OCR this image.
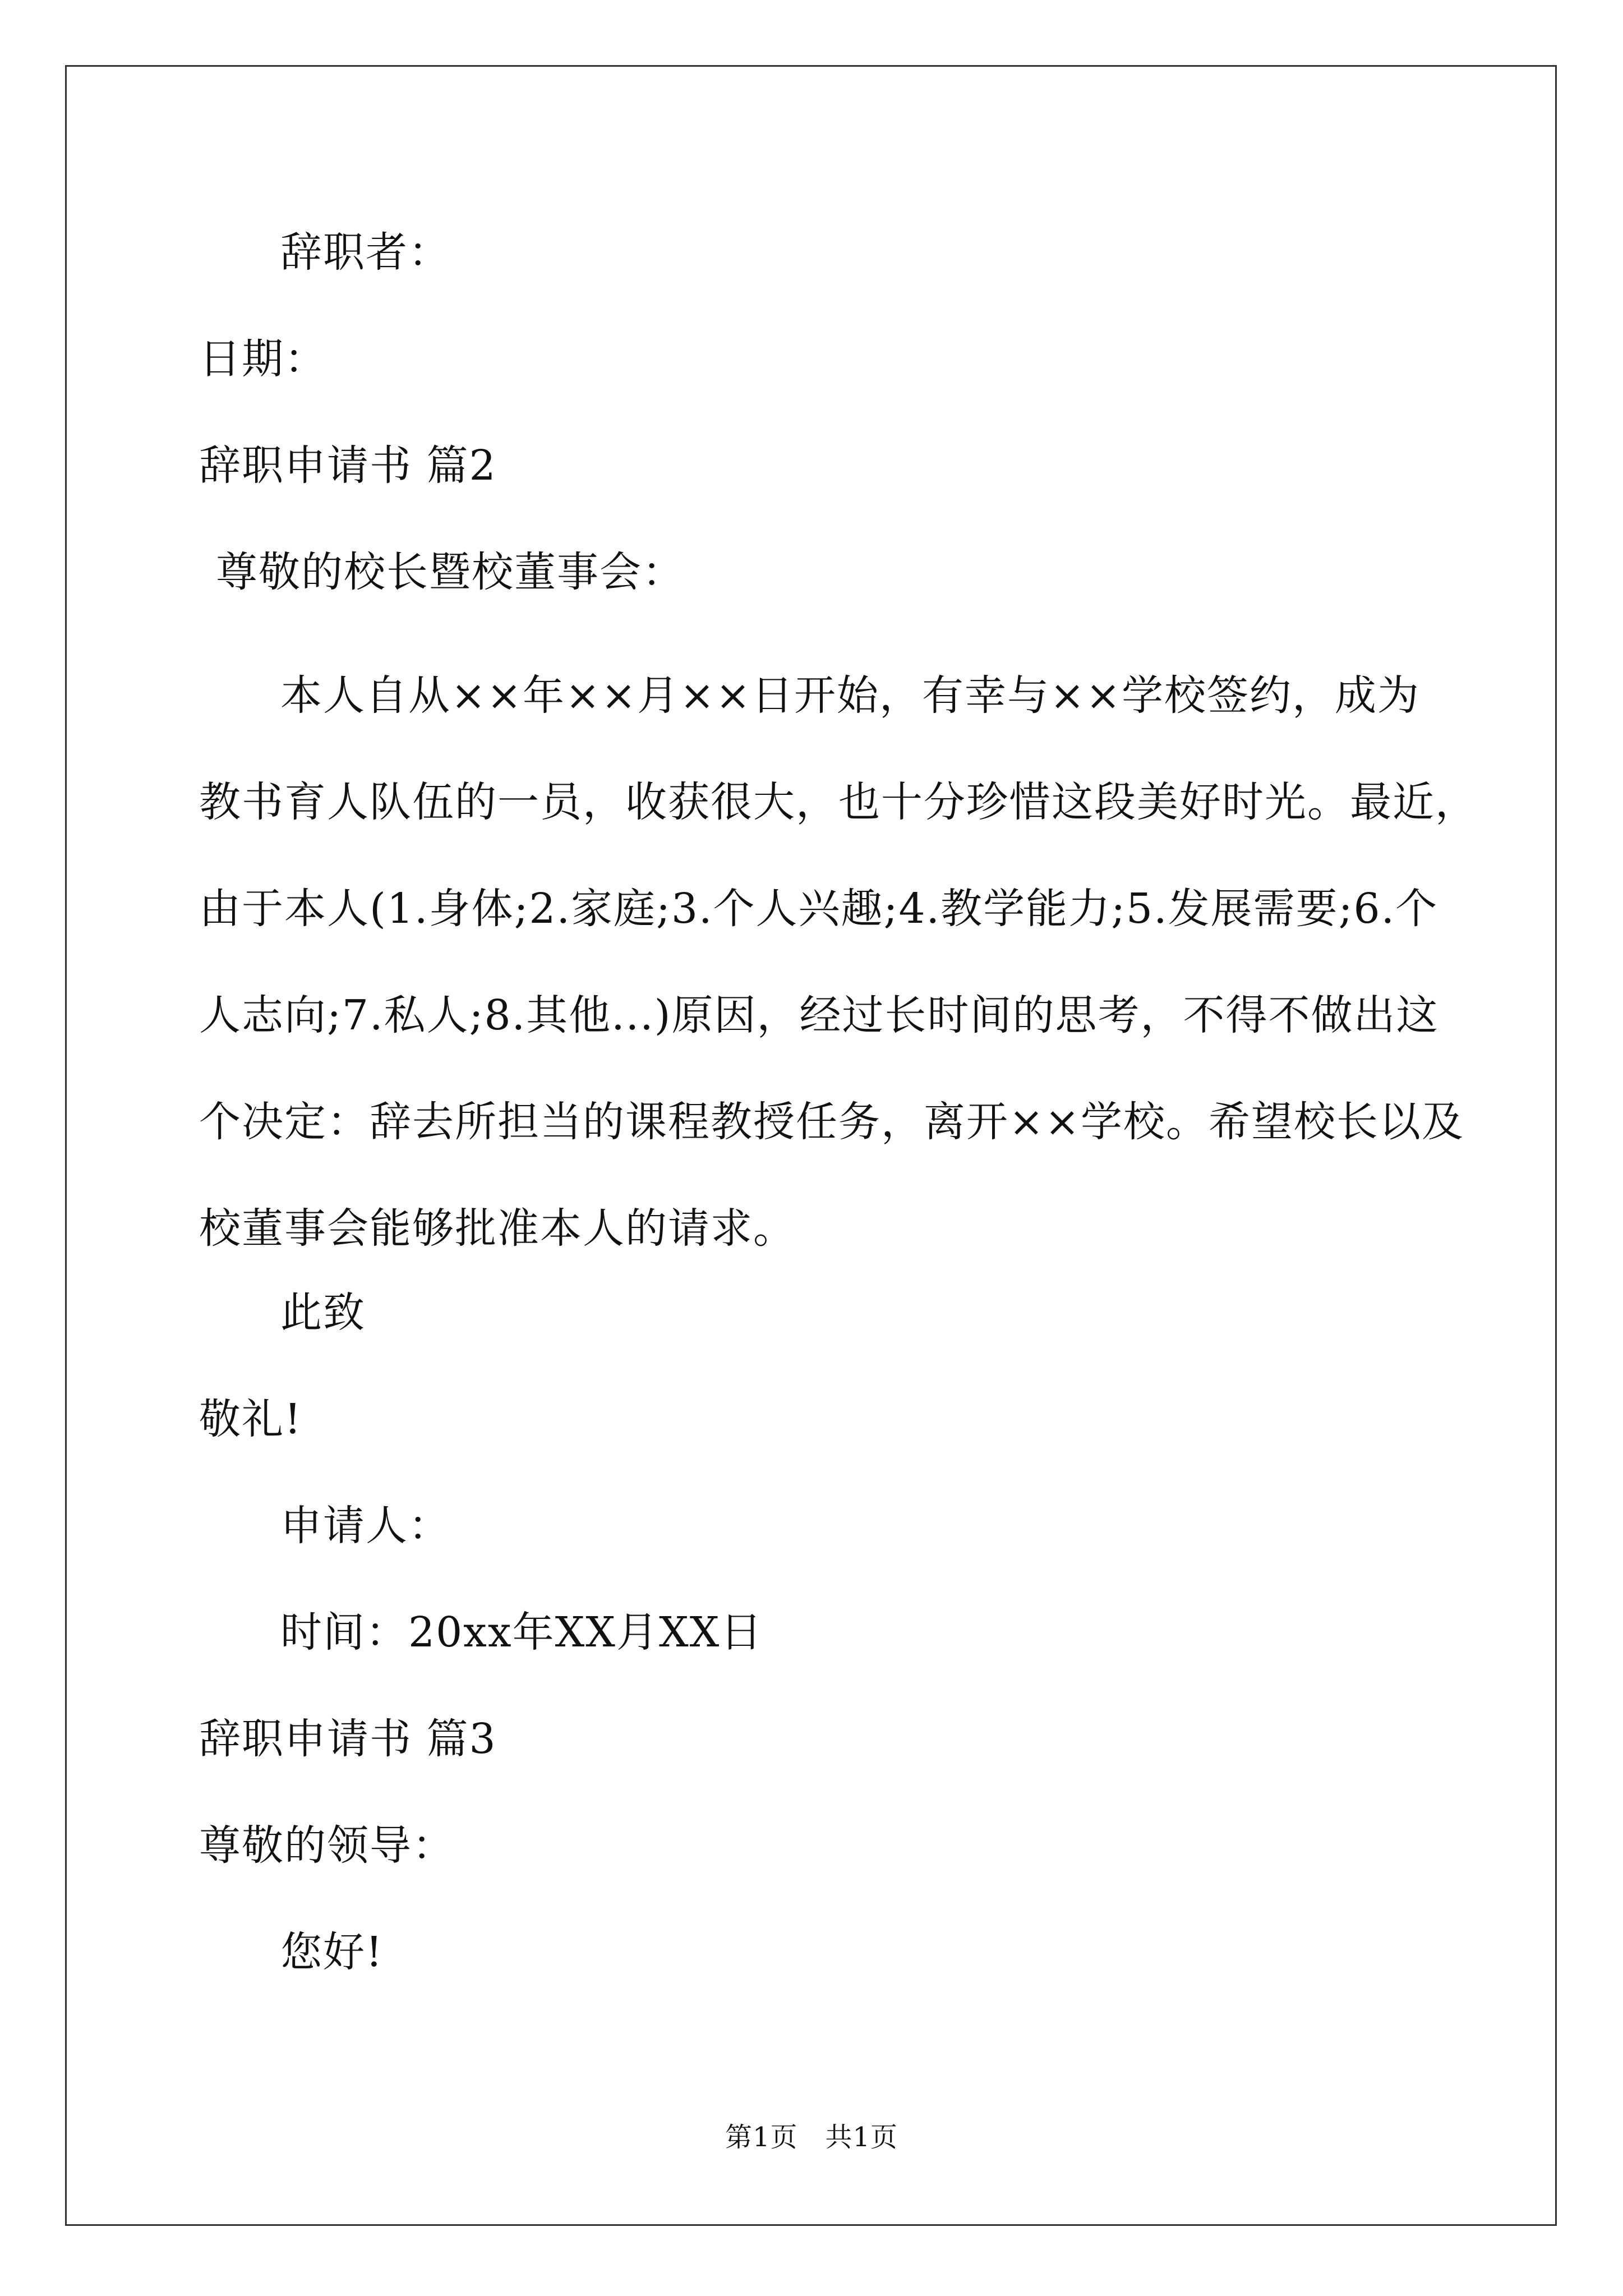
辞职者：
日期：
辞职申请书 篇2
尊敬的校长暨校董事会：
本人自从××年××月××日开始，有幸与××学校签约，成为
教书育人队伍的一员，收获很大，也十分珍惜这段美好时光。最近，
由于本人(1.身体;2.家庭;3.个人兴趣;4.教学能力;5.发展需要;6.个
人志向;7.私人;8.其他...)原因，经过长时间的思考，不得不做出这
个决定：辞去所担当的课程教授任务，离开××学校。希望校长以及
校董事会能够批准本人的请求。
此致
敬礼!
申请人：
时间：20xx年XX月XX日
辞职申请书 篇3
尊敬的领导：
您好!
第1页　共1页
